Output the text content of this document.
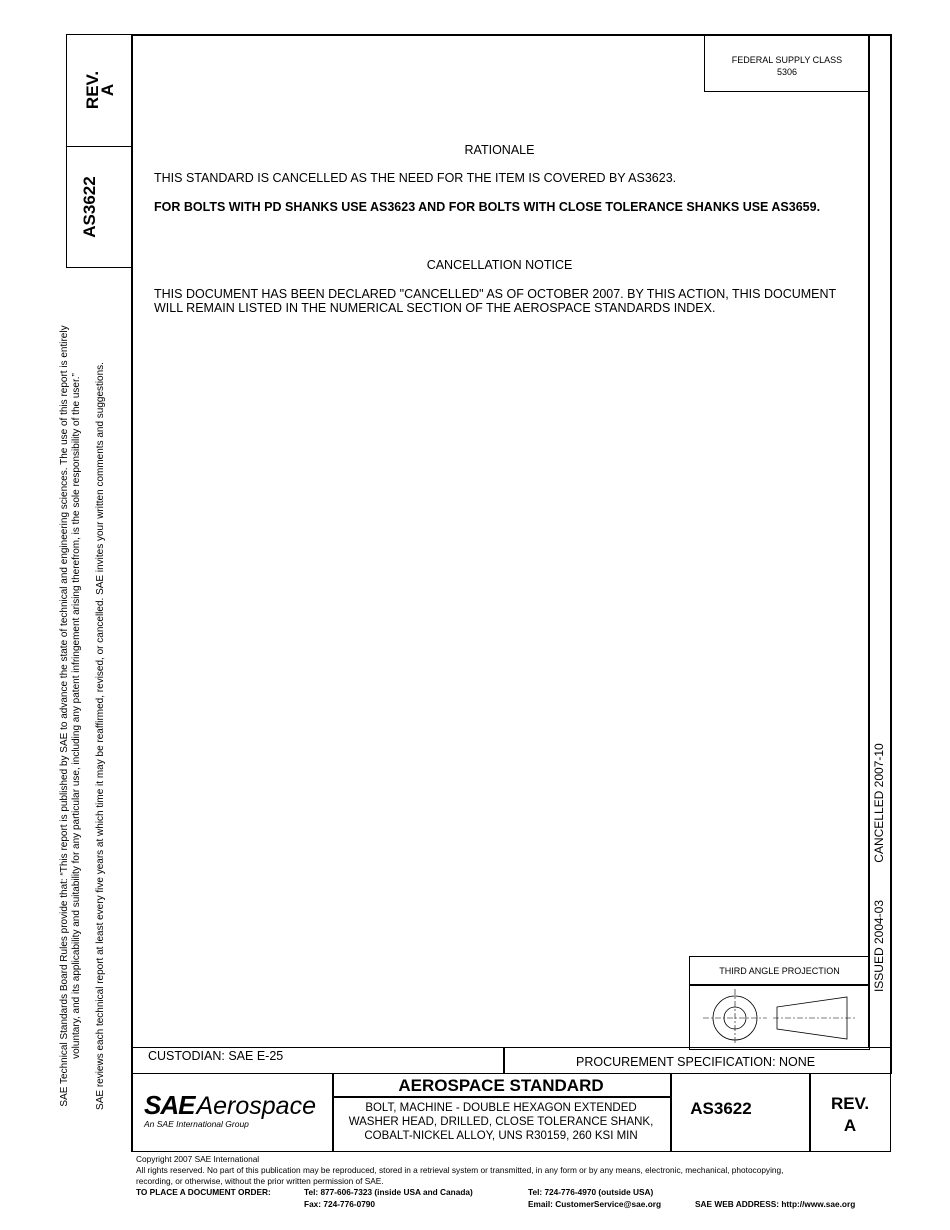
REV.
A
AS3622
SAE Technical Standards Board Rules provide that: “This report is published by SAE to advance the state of technical and engineering sciences. The use of this report is entirely voluntary, and its applicability and suitability for any particular use, including any patent infringement arising therefrom, is the sole responsibility of the user.” SAE reviews each technical report at least every five years at which time it may be reaffirmed, revised, or cancelled. SAE invites your written comments and suggestions.
FEDERAL SUPPLY CLASS
5306
RATIONALE
THIS STANDARD IS CANCELLED AS THE NEED FOR THE ITEM IS COVERED BY AS3623.
FOR BOLTS WITH PD SHANKS USE AS3623 AND FOR BOLTS WITH CLOSE TOLERANCE SHANKS USE AS3659.
CANCELLATION NOTICE
THIS DOCUMENT HAS BEEN DECLARED "CANCELLED" AS OF OCTOBER 2007. BY THIS ACTION, THIS DOCUMENT
WILL REMAIN LISTED IN THE NUMERICAL SECTION OF THE AEROSPACE STANDARDS INDEX.
CANCELLED 2007-10
ISSUED 2004-03
THIRD ANGLE PROJECTION
CUSTODIAN: SAE E-25	PROCUREMENT SPECIFICATION: NONE
SAEAerospace
An SAE International Group
AEROSPACE STANDARD
BOLT, MACHINE - DOUBLE HEXAGON EXTENDED
WASHER HEAD, DRILLED, CLOSE TOLERANCE SHANK,
COBALT-NICKEL ALLOY, UNS R30159, 260 KSI MIN
AS3622	REV.
A
Copyright 2007 SAE International
All rights reserved. No part of this publication may be reproduced, stored in a retrieval system or transmitted, in any form or by any means, electronic, mechanical, photocopying,
recording, or otherwise, without the prior written permission of SAE.
TO PLACE A DOCUMENT ORDER:	Tel: 877-606-7323 (inside USA and Canada)
Fax: 724-776-0790
Tel: 724-776-4970 (outside USA)
Email: CustomerService@sae.org	SAE WEB ADDRESS: http://www.sae.org
